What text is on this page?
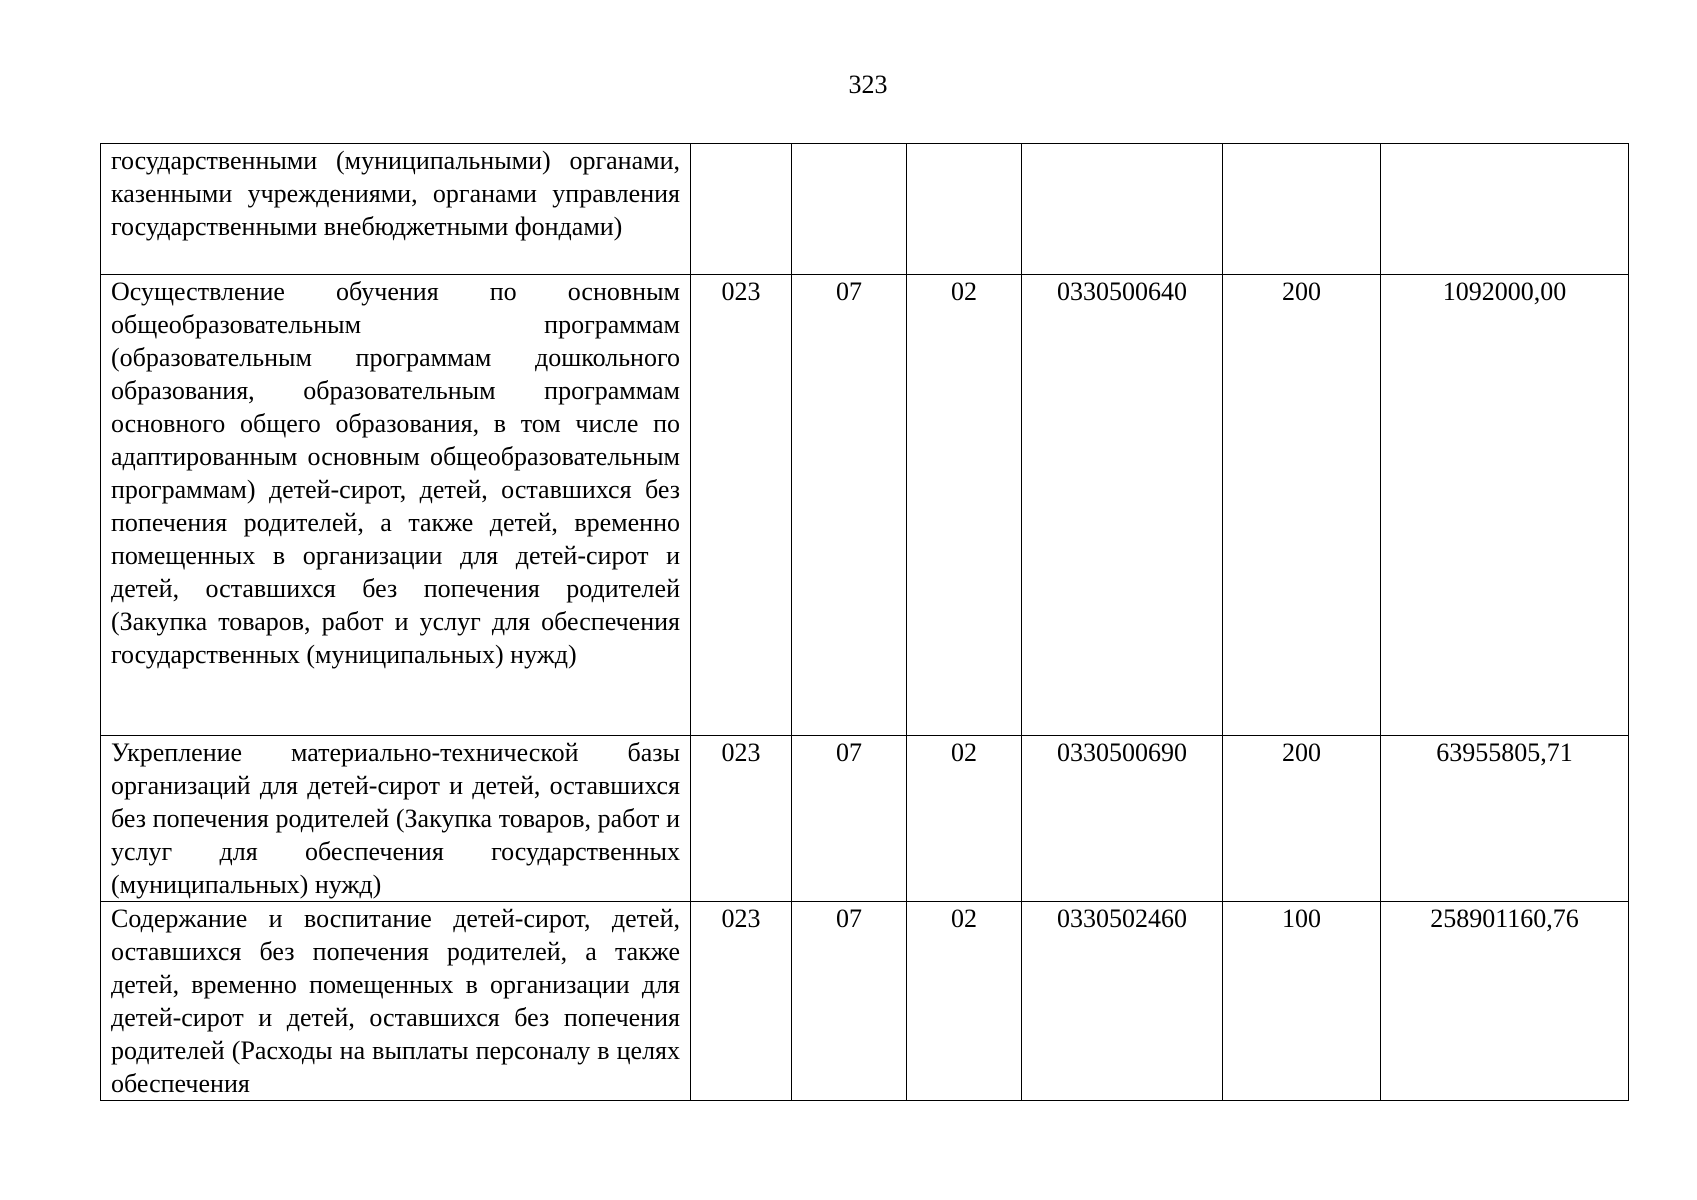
323
государственными (муниципальными) органами, казенными учреждениями, органами управления государственными внебюджетными фондами)						
Осуществление обучения по основным общеобразовательным программам (образовательным программам дошкольного образования, образовательным программам основного общего образования, в том числе по адаптированным основным общеобразовательным программам) детей-сирот, детей, оставшихся без попечения родителей, а также детей, временно помещенных в организации для детей-сирот и детей, оставшихся без попечения родителей (Закупка товаров, работ и услуг для обеспечения государственных (муниципальных) нужд)	023	07	02	0330500640	200	1092000,00
Укрепление материально-технической базы организаций для детей-сирот и детей, оставшихся без попечения родителей (Закупка товаров, работ и услуг для обеспечения государственных (муниципальных) нужд)	023	07	02	0330500690	200	63955805,71
Содержание и воспитание детей-сирот, детей, оставшихся без попечения родителей, а также детей, временно помещенных в организации для детей-сирот и детей, оставшихся без попечения родителей (Расходы на выплаты персоналу в целях обеспечения	023	07	02	0330502460	100	258901160,76
